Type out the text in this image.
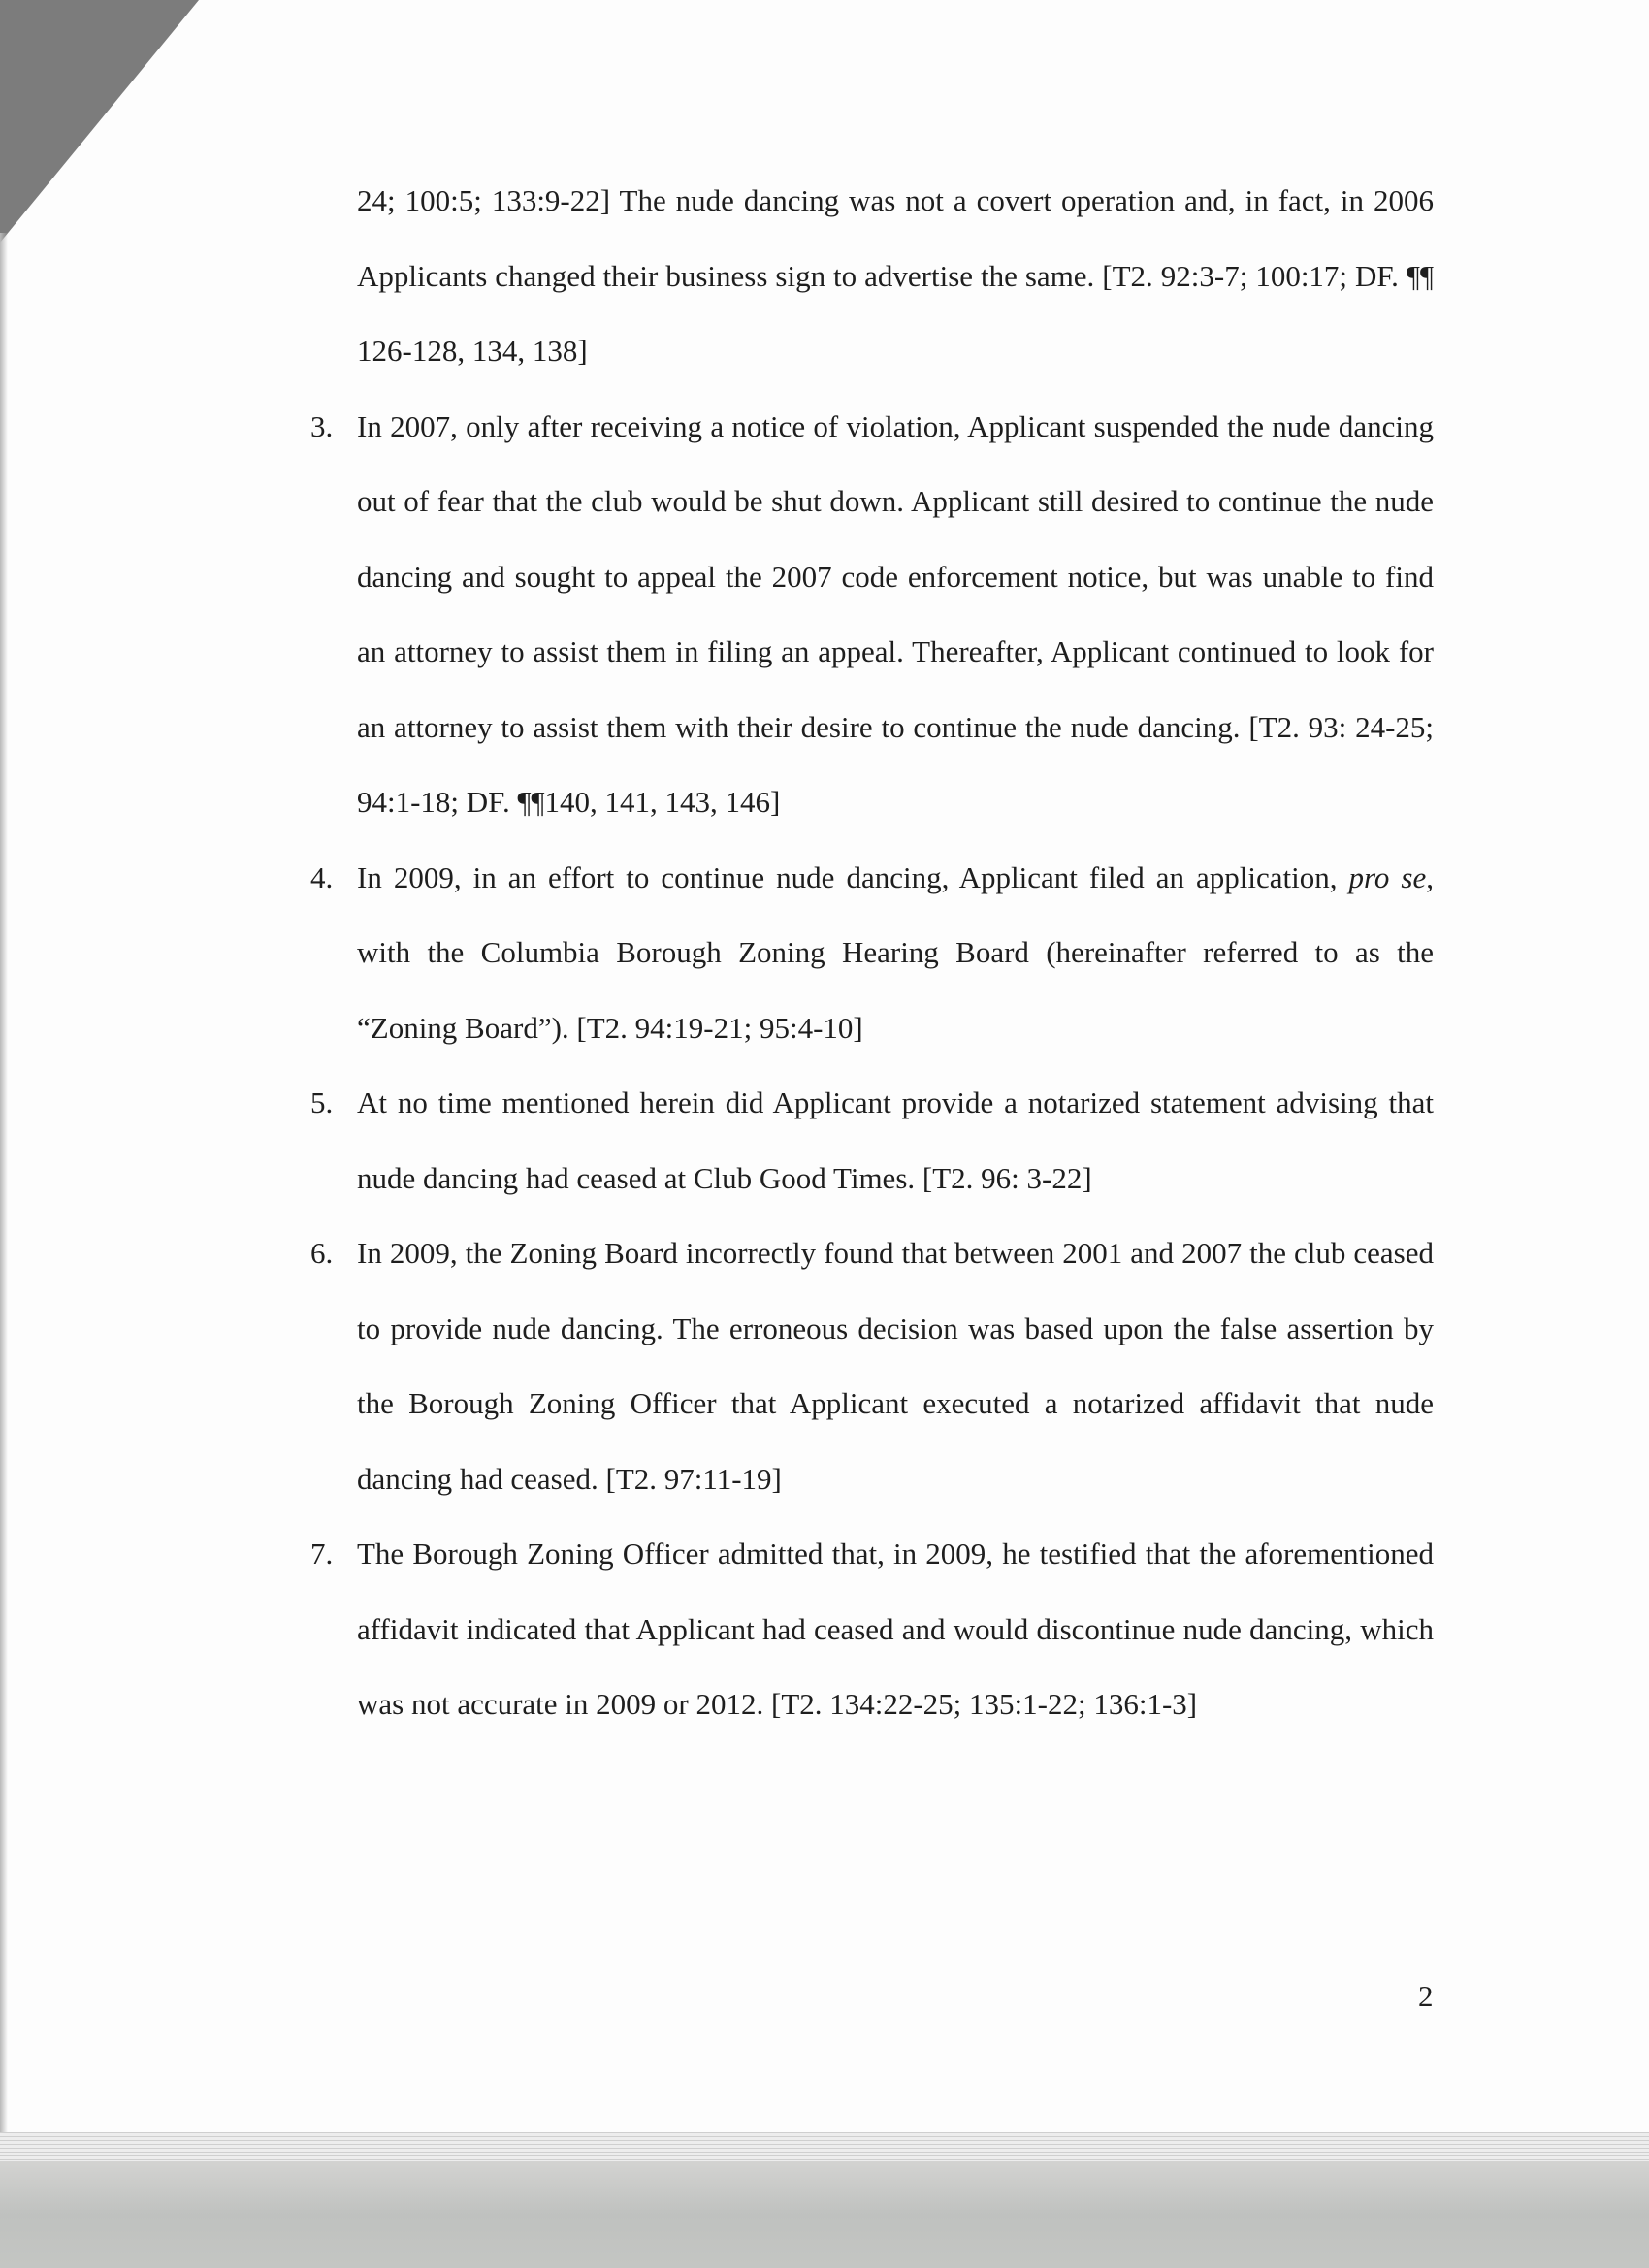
24; 100:5; 133:9-22] The nude dancing was not a covert operation and, in fact, in 2006 Applicants changed their business sign to advertise the same. [T2. 92:3-7; 100:17; DF. ¶¶ 126-128, 134, 138]

3. In 2007, only after receiving a notice of violation, Applicant suspended the nude dancing out of fear that the club would be shut down. Applicant still desired to continue the nude dancing and sought to appeal the 2007 code enforcement notice, but was unable to find an attorney to assist them in filing an appeal. Thereafter, Applicant continued to look for an attorney to assist them with their desire to continue the nude dancing. [T2. 93: 24-25; 94:1-18; DF. ¶¶140, 141, 143, 146]

4. In 2009, in an effort to continue nude dancing, Applicant filed an application, pro se, with the Columbia Borough Zoning Hearing Board (hereinafter referred to as the “Zoning Board”). [T2. 94:19-21; 95:4-10]

5. At no time mentioned herein did Applicant provide a notarized statement advising that nude dancing had ceased at Club Good Times. [T2. 96: 3-22]

6. In 2009, the Zoning Board incorrectly found that between 2001 and 2007 the club ceased to provide nude dancing. The erroneous decision was based upon the false assertion by the Borough Zoning Officer that Applicant executed a notarized affidavit that nude dancing had ceased. [T2. 97:11-19]

7. The Borough Zoning Officer admitted that, in 2009, he testified that the aforementioned affidavit indicated that Applicant had ceased and would discontinue nude dancing, which was not accurate in 2009 or 2012. [T2. 134:22-25; 135:1-22; 136:1-3]

2
